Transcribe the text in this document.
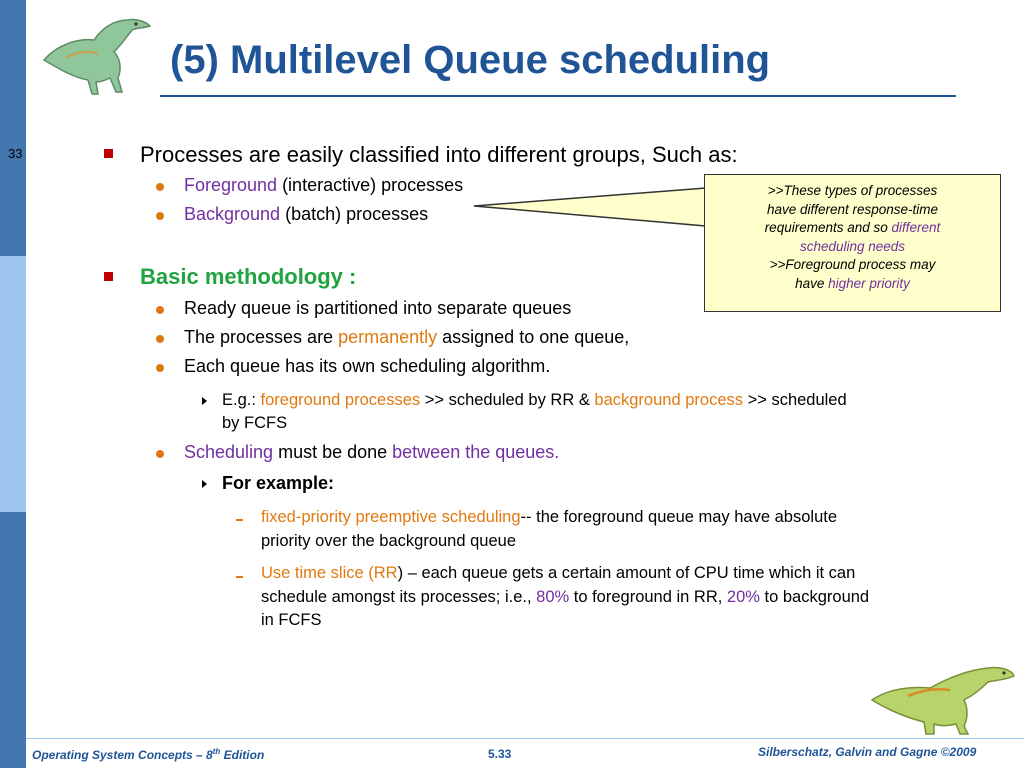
33
(5) Multilevel Queue scheduling
Processes are easily classified into different groups, Such as:
Foreground (interactive) processes
Background (batch) processes
Basic methodology :
Ready queue is partitioned into separate queues
The processes are permanently assigned to one queue,
Each queue has its own scheduling algorithm.
E.g.: foreground processes >> scheduled by RR & background process >> scheduled
by FCFS
Scheduling must be done between the queues.
For example:
fixed-priority preemptive scheduling-- the foreground queue may have absolute
priority over the background queue
Use time slice (RR) – each queue gets a certain amount of CPU time which it can
schedule amongst its processes; i.e., 80% to foreground in RR, 20% to background
in FCFS
>>These types of processes
have different response-time
requirements and so different
scheduling needs
>>Foreground process may
have higher priority
Operating System Concepts – 8th Edition	5.33	Silberschatz, Galvin and Gagne ©2009
